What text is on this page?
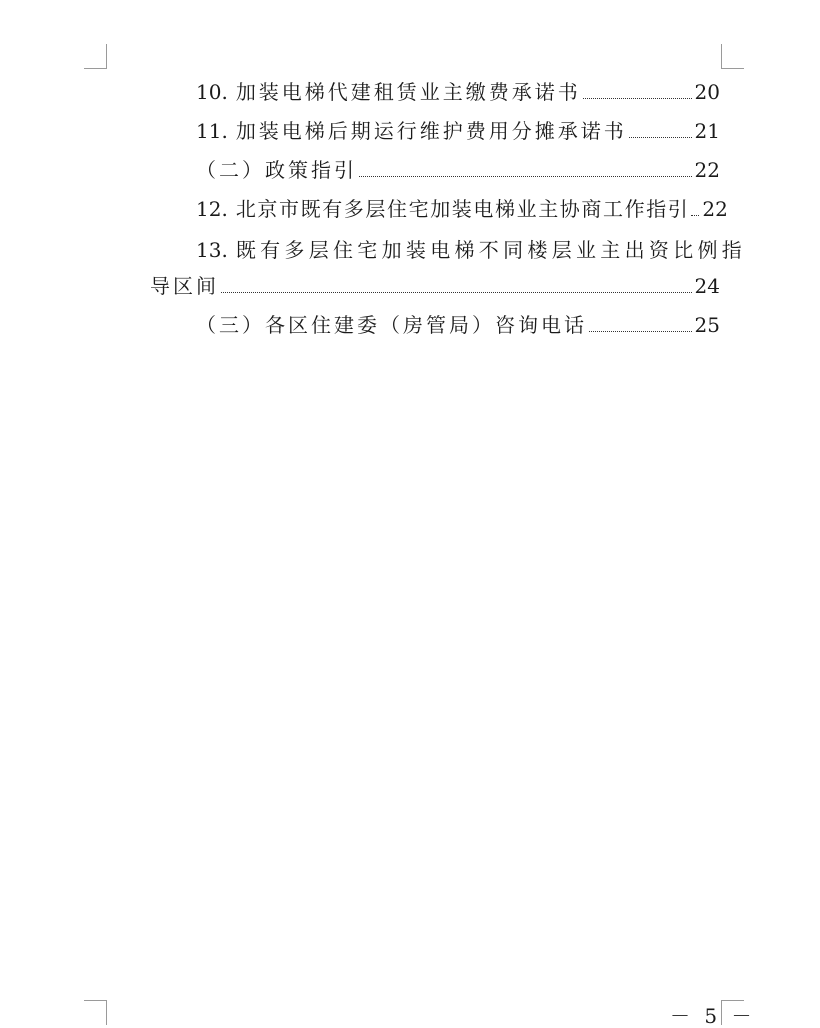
10. 加装电梯代建租赁业主缴费承诺书	20
11. 加装电梯后期运行维护费用分摊承诺书	21
（二）政策指引	22
12. 北京市既有多层住宅加装电梯业主协商工作指引 22
13. 既有多层住宅加装电梯不同楼层业主出资比例指
导区间	24
（三）各区住建委（房管局）咨询电话	25
－ 5 －
